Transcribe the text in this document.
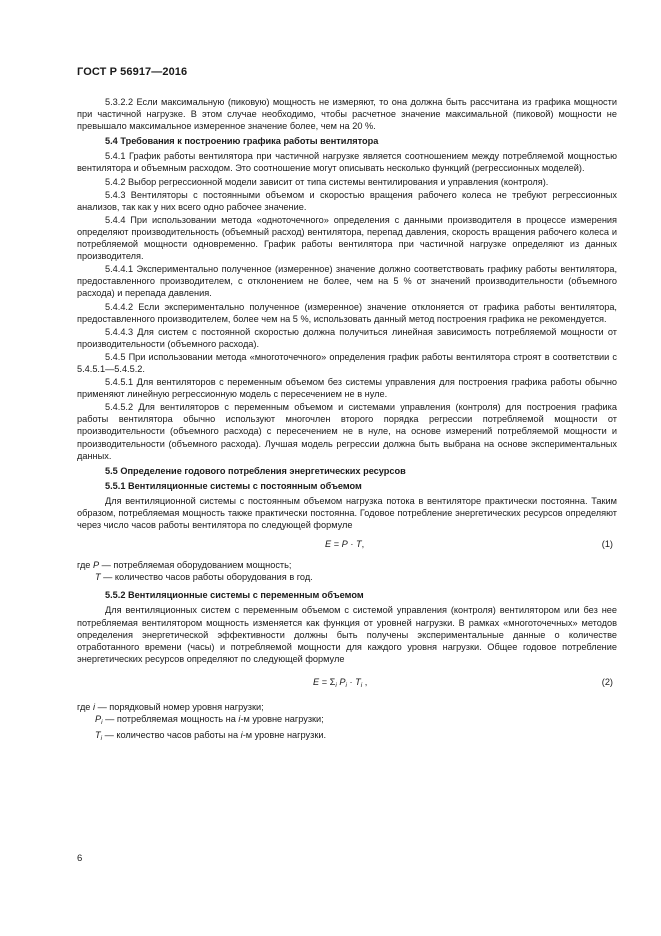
ГОСТ Р 56917—2016

5.3.2.2 Если максимальную (пиковую) мощность не измеряют, то она должна быть рассчитана из графика мощности при частичной нагрузке. В этом случае необходимо, чтобы расчетное значение максимальной (пиковой) мощности не превышало максимальное измеренное значение более, чем на 20 %.

5.4 Требования к построению графика работы вентилятора

5.4.1 График работы вентилятора при частичной нагрузке является соотношением между потребляемой мощностью вентилятора и объемным расходом. Это соотношение могут описывать несколько функций (регрессионных моделей).

5.4.2 Выбор регрессионной модели зависит от типа системы вентилирования и управления (контроля).

5.4.3 Вентиляторы с постоянными объемом и скоростью вращения рабочего колеса не требуют регрессионных анализов, так как у них всего одно рабочее значение.

5.4.4 При использовании метода «одноточечного» определения с данными производителя в процессе измерения определяют производительность (объемный расход) вентилятора, перепад давления, скорость вращения рабочего колеса и потребляемой мощности одновременно. График работы вентилятора при частичной нагрузке определяют из данных производителя.

5.4.4.1 Экспериментально полученное (измеренное) значение должно соответствовать графику работы вентилятора, предоставленного производителем, с отклонением не более, чем на 5 % от значений производительности (объемного расхода) и перепада давления.

5.4.4.2 Если экспериментально полученное (измеренное) значение отклоняется от графика работы вентилятора, предоставленного производителем, более чем на 5 %, использовать данный метод построения графика не рекомендуется.

5.4.4.3 Для систем с постоянной скоростью должна получиться линейная зависимость потребляемой мощности от производительности (объемного расхода).

5.4.5 При использовании метода «многоточечного» определения график работы вентилятора строят в соответствии с 5.4.5.1—5.4.5.2.

5.4.5.1 Для вентиляторов с переменным объемом без системы управления для построения графика работы обычно применяют линейную регрессионную модель с пересечением не в нуле.

5.4.5.2 Для вентиляторов с переменным объемом и системами управления (контроля) для построения графика работы вентилятора обычно используют многочлен второго порядка регрессии потребляемой мощности от производительности (объемного расхода) с пересечением не в нуле, на основе измерений потребляемой мощности и производительности (объемного расхода). Лучшая модель регрессии должна быть выбрана на основе экспериментальных данных.

5.5 Определение годового потребления энергетических ресурсов

5.5.1 Вентиляционные системы с постоянным объемом

Для вентиляционной системы с постоянным объемом нагрузка потока в вентиляторе практически постоянна. Таким образом, потребляемая мощность также практически постоянна. Годовое потребление энергетических ресурсов определяют через число часов работы вентилятора по следующей формуле

E = P · T,	(1)

где P — потребляемая оборудованием мощность;

T — количество часов работы оборудования в год.

5.5.2 Вентиляционные системы с переменным объемом

Для вентиляционных систем с переменным объемом с системой управления (контроля) вентилятором или без нее потребляемая вентилятором мощность изменяется как функция от уровней нагрузки. В рамках «многоточечных» методов определения энергетической эффективности должны быть получены экспериментальные данные о количестве отработанного времени (часы) и потребляемой мощности для каждого уровня нагрузки. Общее годовое потребление энергетических ресурсов определяют по следующей формуле

$E = \Sigma_i$ $P_i \cdot T_i$ ,	(2)

где i — порядковый номер уровня нагрузки;

$P_i$ — потребляемая мощность на i-м уровне нагрузки;

$T_i$ — количество часов работы на i-м уровне нагрузки.

6
